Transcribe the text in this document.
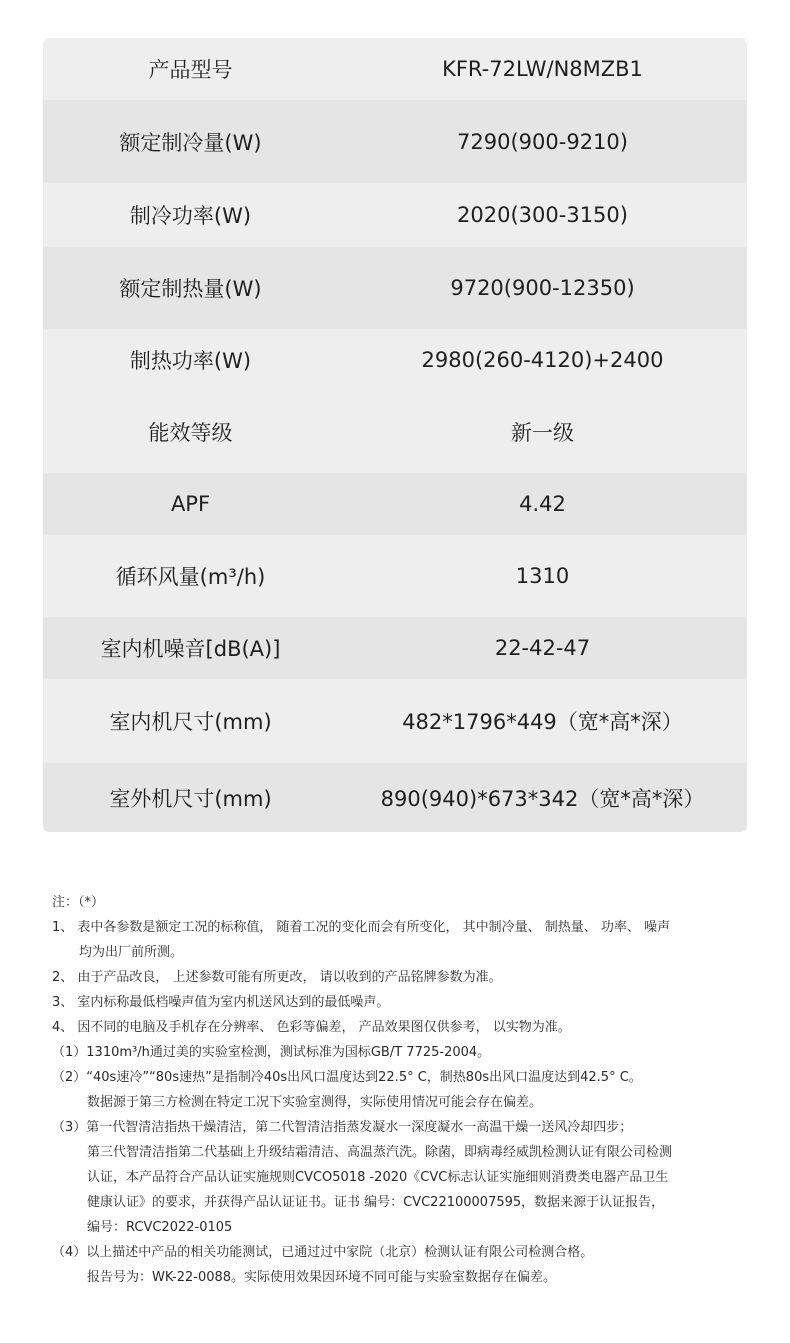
产品型号	KFR-72LW/N8MZB1
额定制冷量(W)	7290(900-9210)
制冷功率(W)	2020(300-3150)
额定制热量(W)	9720(900-12350)
制热功率(W)	2980(260-4120)+2400
能效等级	新一级
APF	4.42
循环风量(m³/h)	1310
室内机噪音[dB(A)]	22-42-47
室内机尺寸(mm)	482*1796*449（宽*高*深）
室外机尺寸(mm)	890(940)*673*342（宽*高*深）
注：（*）
1、 表中各参数是额定工况的标称值， 随着工况的变化而会有所变化， 其中制冷量、 制热量、 功率、 噪声
均为出厂前所测。
2、 由于产品改良， 上述参数可能有所更改， 请以收到的产品铭牌参数为准。
3、 室内标称最低档噪声值为室内机送风达到的最低噪声。
4、 因不同的电脑及手机存在分辨率、 色彩等偏差， 产品效果图仅供参考， 以实物为准。
（1）1310m³/h通过美的实验室检测，测试标准为国标GB/T 7725-2004。
（2）“40s速冷”“80s速热”是指制冷40s出风口温度达到22.5° C，制热80s出风口温度达到42.5° C。
数据源于第三方检测在特定工况下实验室测得，实际使用情况可能会存在偏差。
（3）第一代智清洁指热干燥清洁，第二代智清洁指蒸发凝水一深度凝水一高温干燥一送风冷却四步；
第三代智清洁指第二代基础上升级结霜清洁、高温蒸汽洗。除菌，即病毒经威凯检测认证有限公司检测
认证，本产品符合产品认证实施规则CVCO5018 -2020《CVC标志认证实施细则消费类电器产品卫生
健康认证》的要求，并获得产品认证证书。证书 编号：CVC22100007595，数据来源于认证报告，
编号：RCVC2022-0105
（4）以上描述中产品的相关功能测试，已通过过中家院（北京）检测认证有限公司检测合格。
报告号为：WK-22-0088。实际使用效果因环境不同可能与实验室数据存在偏差。
